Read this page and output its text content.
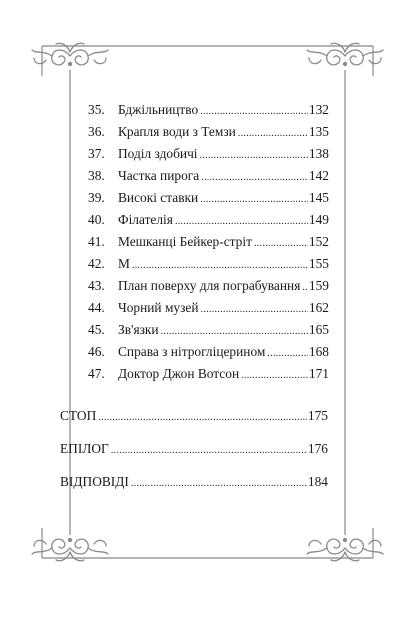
35. Бджільництво .....	132
36. Крапля води з Темзи .....	135
37. Поділ здобичі .....	138
38. Частка пирога .....	142
39. Високі ставки .....	145
40. Філателія .....	149
41. Мешканці Бейкер-стріт .....	152
42. М .....	155
43. План поверху для пограбування ..... 159
44. Чорний музей .....	162
45. Зв'язки .....	165
46. Справа з нітрогліцерином .....	168
47. Доктор Джон Вотсон .....	171
СТОП .....	175
ЕПІЛОГ .....	176
ВІДПОВІДІ .....	184
